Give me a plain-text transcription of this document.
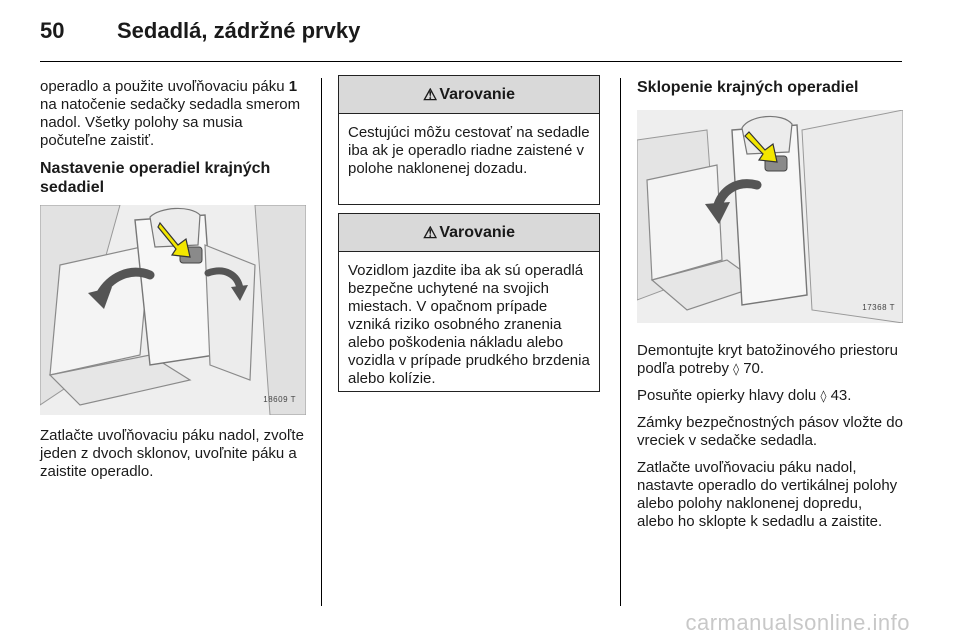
50 Sedadlá, zádržné prvky

operadlo a použite uvoľňovaciu páku 1 na natočenie sedačky sedadla smerom nadol. Všetky polohy sa musia počuteľne zaistiť.

Nastavenie operadiel krajných sedadiel
18609 T

Zatlačte uvoľňovaciu páku nadol, zvoľte jeden z dvoch sklonov, uvoľnite páku a zaistite operadlo.

⚠ Varovanie
Cestujúci môžu cestovať na sedadle iba ak je operadlo riadne zaistené v polohe naklonenej dozadu.
⚠ Varovanie
Vozidlom jazdite iba ak sú operadlá bezpečne uchytené na svojich miestach. V opačnom prípade vzniká riziko osobného zranenia alebo poškodenia nákladu alebo vozidla v prípade prudkého brzdenia alebo kolízie.
Sklopenie krajných operadiel
17368 T

Demontujte kryt batožinového priestoru podľa potreby ◊ 70.

Posuňte opierky hlavy dolu ◊ 43.

Zámky bezpečnostných pásov vložte do vreciek v sedačke sedadla.

Zatlačte uvoľňovaciu páku nadol, nastavte operadlo do vertikálnej polohy alebo polohy naklonenej dopredu, alebo ho sklopte k sedadlu a zaistite.

carmanualsonline.info
